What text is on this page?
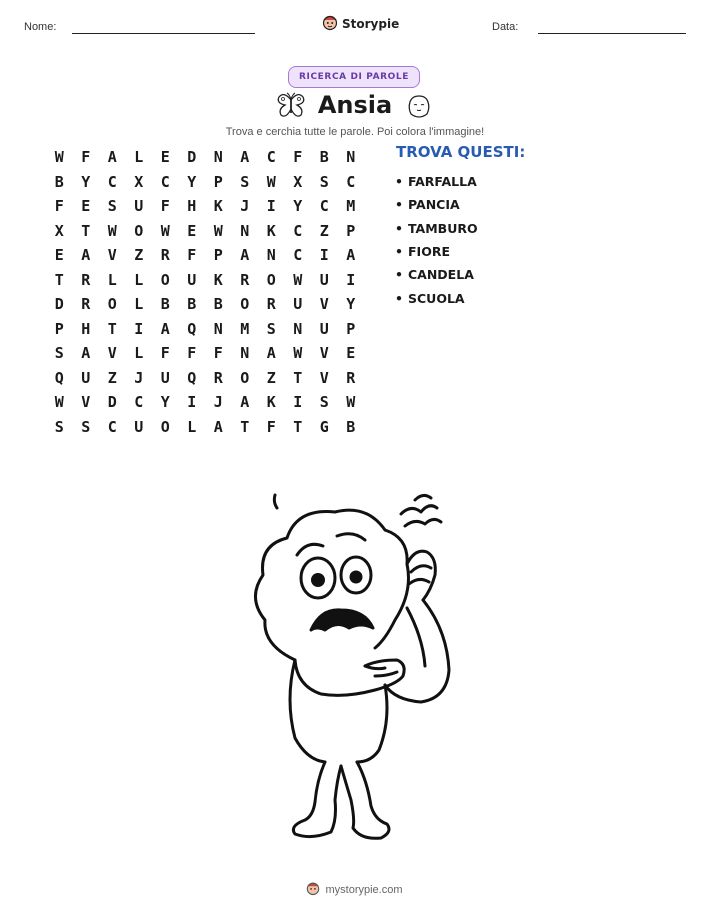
Nome:	Storypie	Data:
RICERCA DI PAROLE
Ansia
Trova e cerchia tutte le parole. Poi colora l'immagine!
W	F	A	L	E	D	N	A	C	F	B	N
B	Y	C	X	C	Y	P	S	W	X	S	C
F	E	S	U	F	H	K	J	I	Y	C	M
X	T	W	O	W	E	W	N	K	C	Z	P
E	A	V	Z	R	F	P	A	N	C	I	A
T	R	L	L	O	U	K	R	O	W	U	I
D	R	O	L	B	B	B	O	R	U	V	Y
P	H	T	I	A	Q	N	M	S	N	U	P
S	A	V	L	F	F	F	N	A	W	V	E
Q	U	Z	J	U	Q	R	O	Z	T	V	R
W	V	D	C	Y	I	J	A	K	I	S	W
S	S	C	U	O	L	A	T	F	T	G	B
TROVA QUESTI:
• FARFALLA
• PANCIA
• TAMBURO
• FIORE
• CANDELA
• SCUOLA
mystorypie.com
